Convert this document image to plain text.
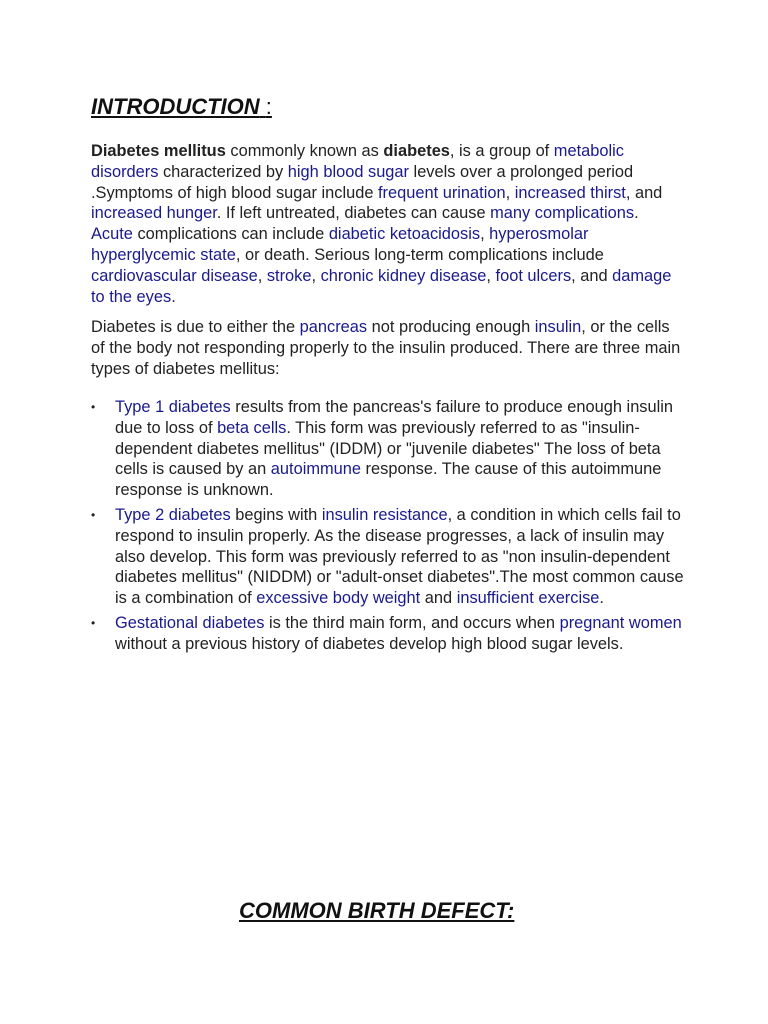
INTRODUCTION :

Diabetes mellitus commonly known as diabetes, is a group of metabolic disorders characterized by high blood sugar levels over a prolonged period .Symptoms of high blood sugar include frequent urination, increased thirst, and increased hunger. If left untreated, diabetes can cause many complications. Acute complications can include diabetic ketoacidosis, hyperosmolar hyperglycemic state, or death. Serious long-term complications include cardiovascular disease, stroke, chronic kidney disease, foot ulcers, and damage to the eyes.

Diabetes is due to either the pancreas not producing enough insulin, or the cells of the body not responding properly to the insulin produced. There are three main types of diabetes mellitus:

• Type 1 diabetes results from the pancreas's failure to produce enough insulin due to loss of beta cells. This form was previously referred to as "insulin-dependent diabetes mellitus" (IDDM) or "juvenile diabetes" The loss of beta cells is caused by an autoimmune response. The cause of this autoimmune response is unknown.
• Type 2 diabetes begins with insulin resistance, a condition in which cells fail to respond to insulin properly. As the disease progresses, a lack of insulin may also develop. This form was previously referred to as "non insulin-dependent diabetes mellitus" (NIDDM) or "adult-onset diabetes".The most common cause is a combination of excessive body weight and insufficient exercise.
• Gestational diabetes is the third main form, and occurs when pregnant women without a previous history of diabetes develop high blood sugar levels.
COMMON BIRTH DEFECT:
